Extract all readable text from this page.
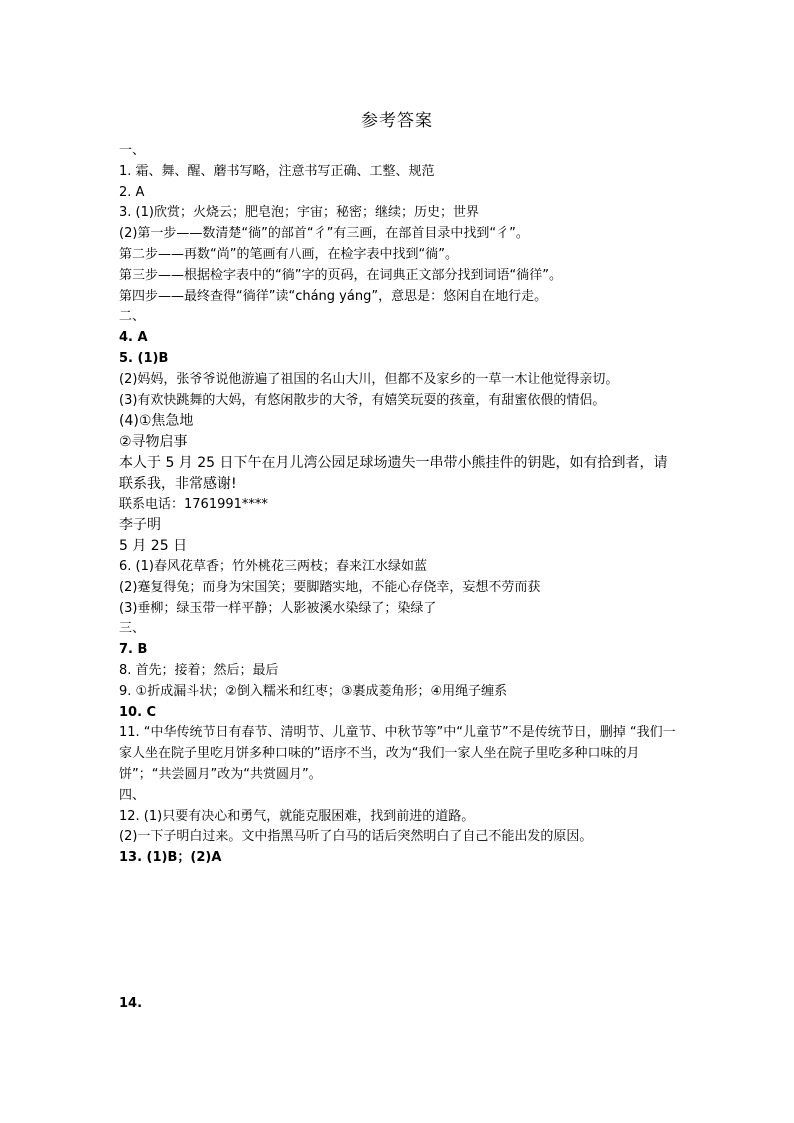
参考答案

一、

1. 霜、舞、醒、蘑书写略，注意书写正确、工整、规范

2. A

3. (1)欣赏；火烧云；肥皂泡；宇宙；秘密；继续；历史；世界

(2)第一步——数清楚“徜”的部首“彳”有三画，在部首目录中找到“彳”。

第二步——再数“尚”的笔画有八画，在检字表中找到“徜”。

第三步——根据检字表中的“徜”字的页码，在词典正文部分找到词语“徜徉”。

第四步——最终查得“徜徉”读“cháng yáng”，意思是：悠闲自在地行走。

二、

4. A

5. (1)B

(2)妈妈，张爷爷说他游遍了祖国的名山大川，但都不及家乡的一草一木让他觉得亲切。

(3)有欢快跳舞的大妈，有悠闲散步的大爷，有嬉笑玩耍的孩童，有甜蜜依偎的情侣。

(4)①焦急地

②寻物启事

本人于 5 月 25 日下午在月儿湾公园足球场遗失一串带小熊挂件的钥匙，如有拾到者，请联系我，非常感谢!

联系电话：1761991****

李子明

5 月 25 日

6. (1)春风花草香；竹外桃花三两枝；春来江水绿如蓝

(2)蹇复得兔；而身为宋国笑；要脚踏实地，不能心存侥幸，妄想不劳而获

(3)垂柳；绿玉带一样平静；人影被溪水染绿了；染绿了

三、

7. B

8. 首先；接着；然后；最后

9. ①折成漏斗状；②倒入糯米和红枣；③裹成菱角形；④用绳子缠系

10. C

11. “中华传统节日有春节、清明节、儿童节、中秋节等”中“儿童节”不是传统节日，删掉 “我们一家人坐在院子里吃月饼多种口味的”语序不当，改为“我们一家人坐在院子里吃多种口味的月饼”；“共尝圆月”改为“共赏圆月”。

四、

12. (1)只要有决心和勇气，就能克服困难，找到前进的道路。

(2)一下子明白过来。文中指黑马听了白马的话后突然明白了自己不能出发的原因。

13. (1)B；(2)A

14.
